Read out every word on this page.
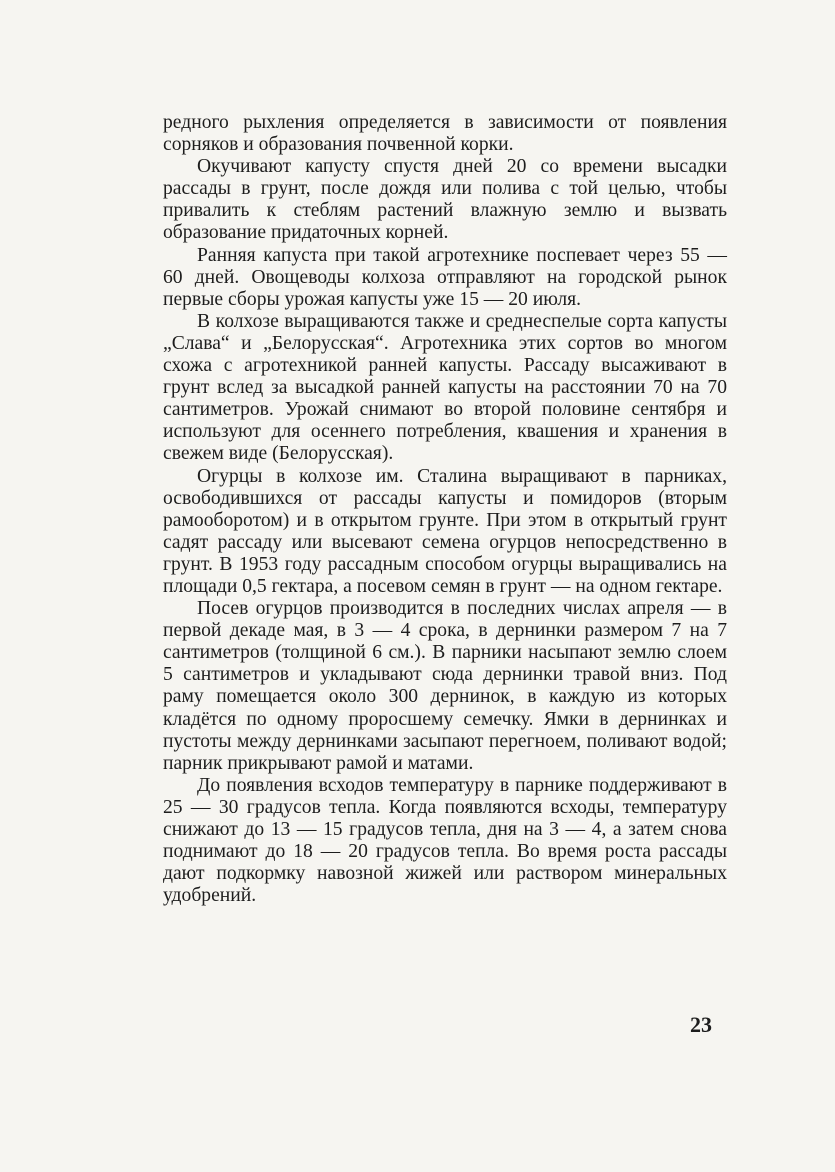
редного рыхления определяется в зависимости от появления сорняков и образования почвенной корки.

Окучивают капусту спустя дней 20 со времени высадки рассады в грунт, после дождя или полива с той целью, чтобы привалить к стеблям растений влажную землю и вызвать образование придаточных корней.

Ранняя капуста при такой агротехнике поспевает через 55 — 60 дней. Овощеводы колхоза отправляют на городской рынок первые сборы урожая капусты уже 15 — 20 июля.

В колхозе выращиваются также и среднеспелые сорта капусты „Слава“ и „Белорусская“. Агротехника этих сортов во многом схожа с агротехникой ранней капусты. Рассаду высаживают в грунт вслед за высадкой ранней капусты на расстоянии 70 на 70 сантиметров. Урожай снимают во второй половине сентября и используют для осеннего потребления, квашения и хранения в свежем виде (Белорусская).

Огурцы в колхозе им. Сталина выращивают в парниках, освободившихся от рассады капусты и помидоров (вторым рамооборотом) и в открытом грунте. При этом в открытый грунт садят рассаду или высевают семена огурцов непосредственно в грунт. В 1953 году рассадным способом огурцы выращивались на площади 0,5 гектара, а посевом семян в грунт — на одном гектаре.

Посев огурцов производится в последних числах апреля — в первой декаде мая, в 3 — 4 срока, в дернинки размером 7 на 7 сантиметров (толщиной 6 см.). В парники насыпают землю слоем 5 сантиметров и укладывают сюда дернинки травой вниз. Под раму помещается около 300 дернинок, в каждую из которых кладётся по одному проросшему семечку. Ямки в дернинках и пустоты между дернинками засыпают перегноем, поливают водой; парник прикрывают рамой и матами.

До появления всходов температуру в парнике поддерживают в 25 — 30 градусов тепла. Когда появляются всходы, температуру снижают до 13 — 15 градусов тепла, дня на 3 — 4, а затем снова поднимают до 18 — 20 градусов тепла. Во время роста рассады дают подкормку навозной жижей или раствором минеральных удобрений.

23
